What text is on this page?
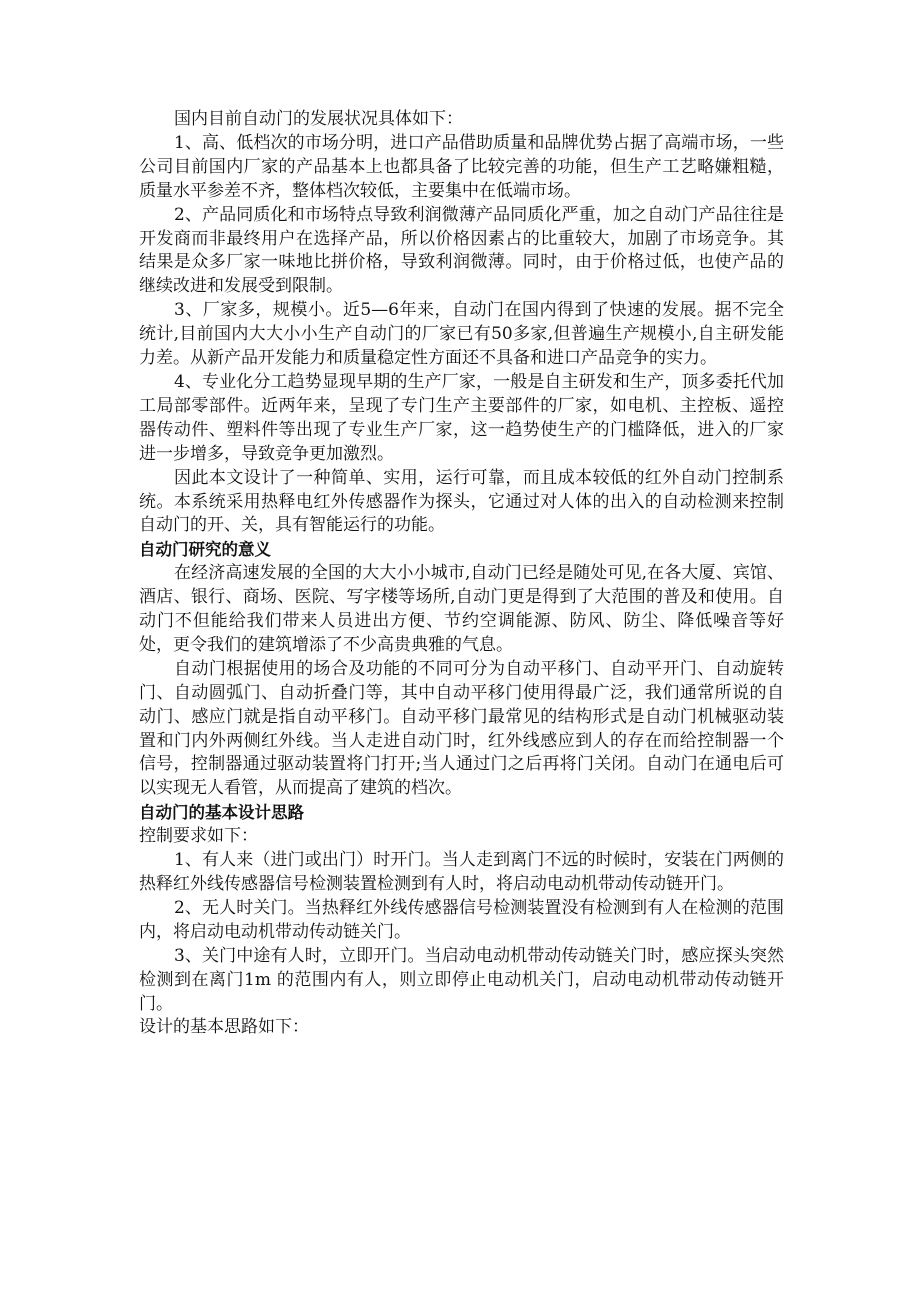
国内目前自动门的发展状况具体如下：

1、高、低档次的市场分明，进口产品借助质量和品牌优势占据了高端市场，一些公司目前国内厂家的产品基本上也都具备了比较完善的功能，但生产工艺略嫌粗糙，质量水平参差不齐，整体档次较低，主要集中在低端市场。

2、产品同质化和市场特点导致利润微薄产品同质化严重，加之自动门产品往往是开发商而非最终用户在选择产品，所以价格因素占的比重较大，加剧了市场竞争。其结果是众多厂家一味地比拼价格，导致利润微薄。同时，由于价格过低，也使产品的继续改进和发展受到限制。

3、厂家多，规模小。近5—6年来，自动门在国内得到了快速的发展。据不完全统计,目前国内大大小小生产自动门的厂家已有50多家,但普遍生产规模小,自主研发能力差。从新产品开发能力和质量稳定性方面还不具备和进口产品竞争的实力。

4、专业化分工趋势显现早期的生产厂家，一般是自主研发和生产，顶多委托代加工局部零部件。近两年来，呈现了专门生产主要部件的厂家，如电机、主控板、遥控器传动件、塑料件等出现了专业生产厂家，这一趋势使生产的门槛降低，进入的厂家进一步增多，导致竞争更加激烈。

因此本文设计了一种简单、实用，运行可靠，而且成本较低的红外自动门控制系统。本系统采用热释电红外传感器作为探头，它通过对人体的出入的自动检测来控制自动门的开、关，具有智能运行的功能。

自动门研究的意义

在经济高速发展的全国的大大小小城市,自动门已经是随处可见,在各大厦、宾馆、酒店、银行、商场、医院、写字楼等场所,自动门更是得到了大范围的普及和使用。自动门不但能给我们带来人员进出方便、节约空调能源、防风、防尘、降低噪音等好处，更令我们的建筑增添了不少高贵典雅的气息。

自动门根据使用的场合及功能的不同可分为自动平移门、自动平开门、自动旋转门、自动圆弧门、自动折叠门等，其中自动平移门使用得最广泛，我们通常所说的自动门、感应门就是指自动平移门。自动平移门最常见的结构形式是自动门机械驱动装置和门内外两侧红外线。当人走进自动门时，红外线感应到人的存在而给控制器一个信号，控制器通过驱动装置将门打开;当人通过门之后再将门关闭。自动门在通电后可以实现无人看管，从而提高了建筑的档次。

自动门的基本设计思路

控制要求如下：

1、有人来（进门或出门）时开门。当人走到离门不远的时候时，安装在门两侧的热释红外线传感器信号检测装置检测到有人时，将启动电动机带动传动链开门。

2、无人时关门。当热释红外线传感器信号检测装置没有检测到有人在检测的范围内，将启动电动机带动传动链关门。

3、关门中途有人时，立即开门。当启动电动机带动传动链关门时，感应探头突然检测到在离门1m 的范围内有人，则立即停止电动机关门，启动电动机带动传动链开门。

设计的基本思路如下：
